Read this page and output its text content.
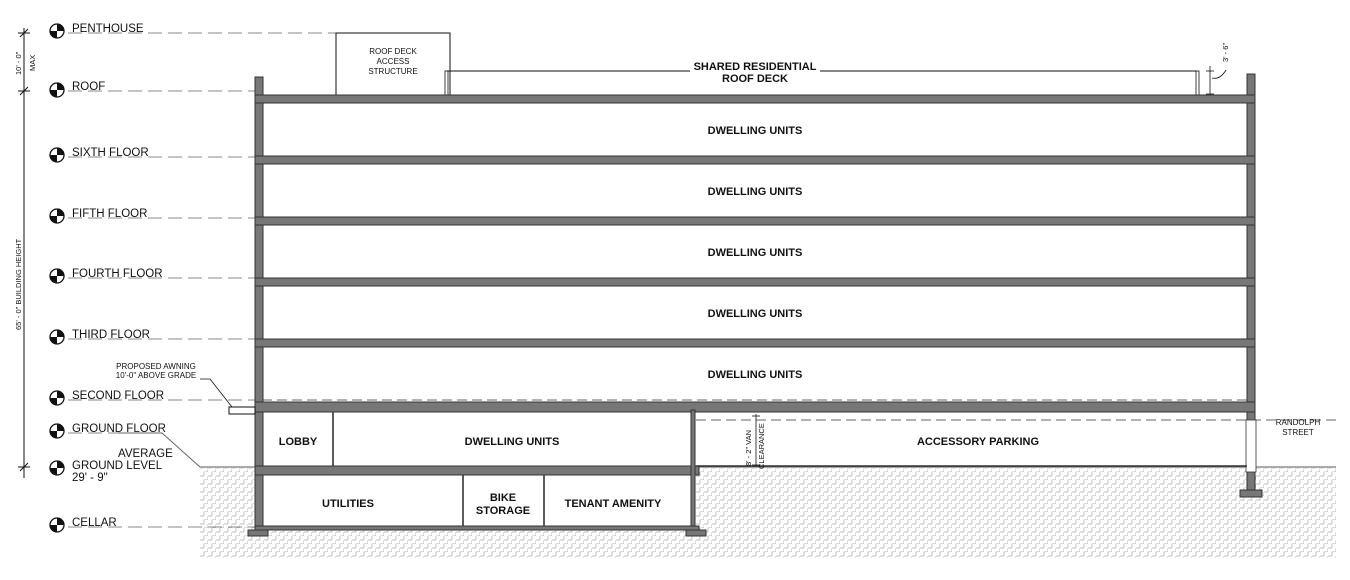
PENTHOUSE
ROOF
SIXTH FLOOR
FIFTH FLOOR
FOURTH FLOOR
THIRD FLOOR
SECOND FLOOR
GROUND FLOOR
AVERAGE
GROUND LEVEL
29' - 9"
CELLAR
10' - 0" MAX
65' - 0" BUILDING HEIGHT
ROOF DECK
ACCESS
STRUCTURE	SHARED RESIDENTIAL
ROOF DECK
3' - 6"
PROPOSED AWNING
10'-0" ABOVE GRADE
DWELLING UNITS
DWELLING UNITS
DWELLING UNITS
DWELLING UNITS
DWELLING UNITS
LOBBY	DWELLING UNITS	ACCESSORY PARKING
UTILITIES	BIKE
STORAGE
TENANT AMENITY
8' - 2" VAN CLEARANCE
RANDOLPH
STREET
